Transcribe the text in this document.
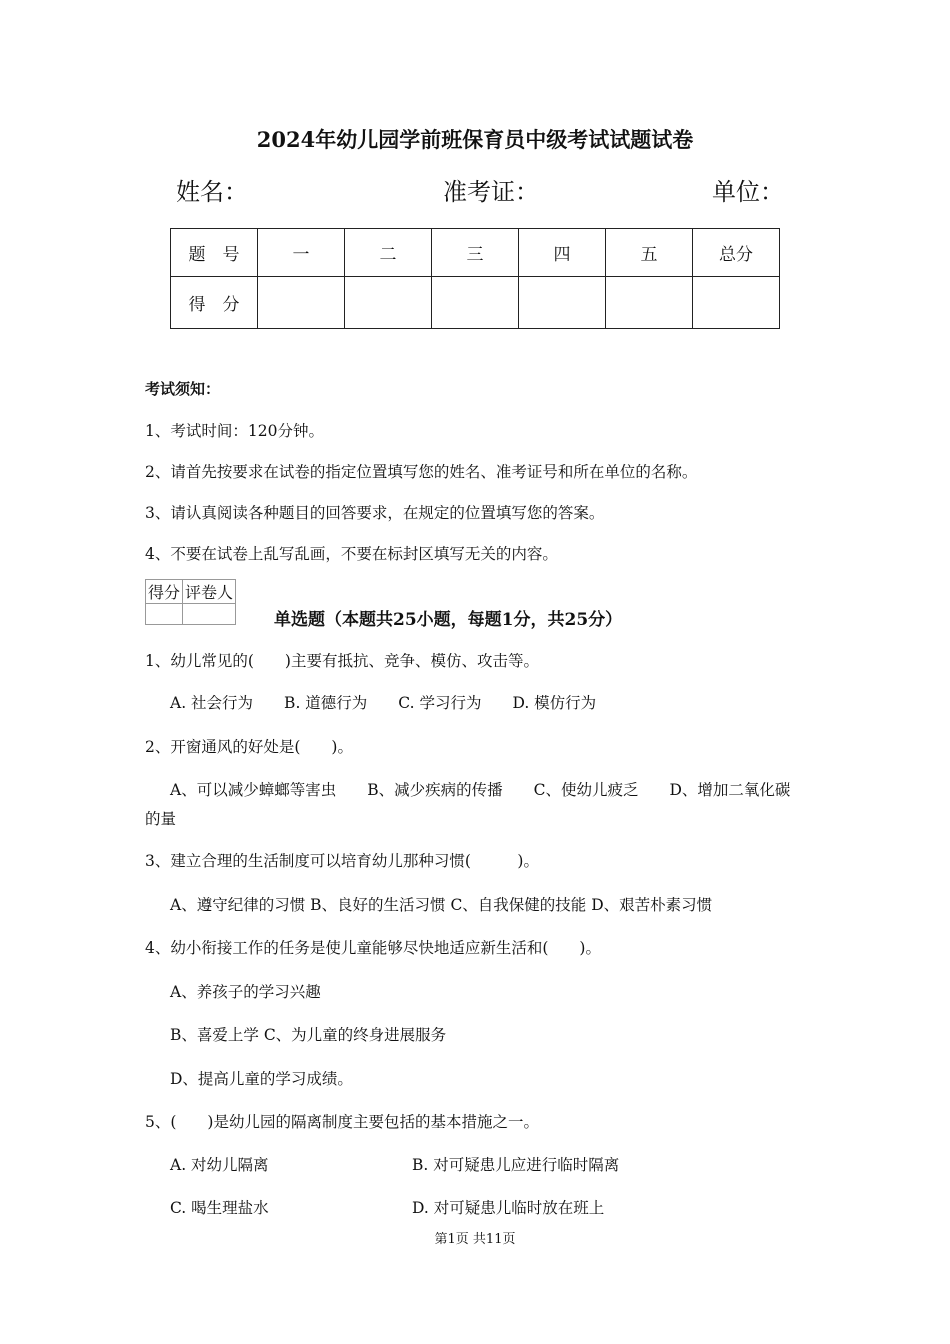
2024年幼儿园学前班保育员中级考试试题试卷
姓名：	准考证：	单位：
题　号	一	二	三	四	五	总分
得　分						
考试须知：
1、考试时间：120分钟。
2、请首先按要求在试卷的指定位置填写您的姓名、准考证号和所在单位的名称。
3、请认真阅读各种题目的回答要求，在规定的位置填写您的答案。
4、不要在试卷上乱写乱画，不要在标封区填写无关的内容。
得分	评卷人

单选题（本题共25小题，每题1分，共25分）
1、幼儿常见的(　　)主要有抵抗、竞争、模仿、攻击等。
A. 社会行为　　B. 道德行为　　C. 学习行为　　D. 模仿行为
2、开窗通风的好处是(　　)。
A、可以减少蟑螂等害虫　　B、减少疾病的传播　　C、使幼儿疲乏　　D、增加二氧化碳
的量
3、建立合理的生活制度可以培育幼儿那种习惯(　　　)。
A、遵守纪律的习惯 B、良好的生活习惯 C、自我保健的技能 D、艰苦朴素习惯
4、幼小衔接工作的任务是使儿童能够尽快地适应新生活和(　　)。
A、养孩子的学习兴趣
B、喜爱上学 C、为儿童的终身进展服务
D、提高儿童的学习成绩。
5、(　　)是幼儿园的隔离制度主要包括的基本措施之一。
A. 对幼儿隔离	B. 对可疑患儿应进行临时隔离
C. 喝生理盐水	D. 对可疑患儿临时放在班上
第1页 共11页
